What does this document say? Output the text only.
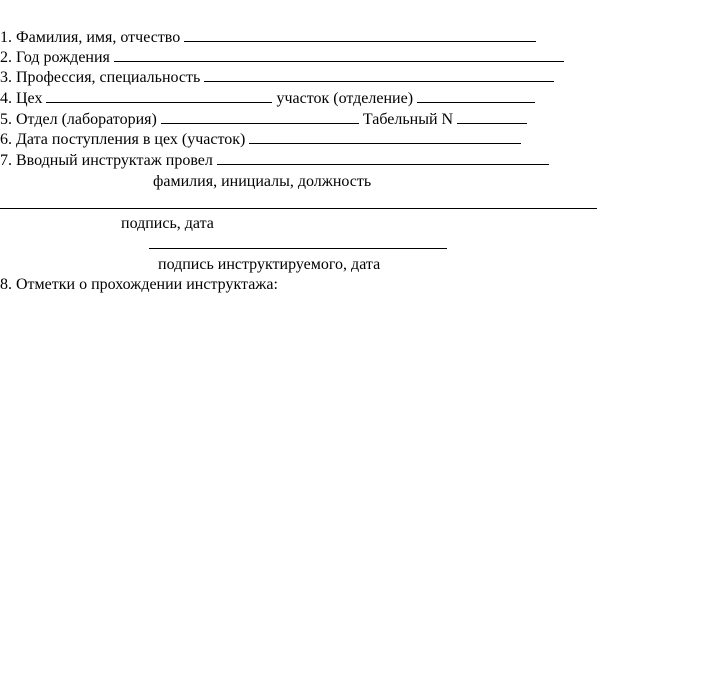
1. Фамилия, имя, отчество
2. Год рождения
3. Профессия, специальность
4. Цех	участок (отделение)
5. Отдел (лаборатория)	Табельный N
6. Дата поступления в цех (участок)
7. Вводный инструктаж провел
фамилия, инициалы, должность
подпись, дата
подпись инструктируемого, дата
8. Отметки о прохождении инструктажа:
